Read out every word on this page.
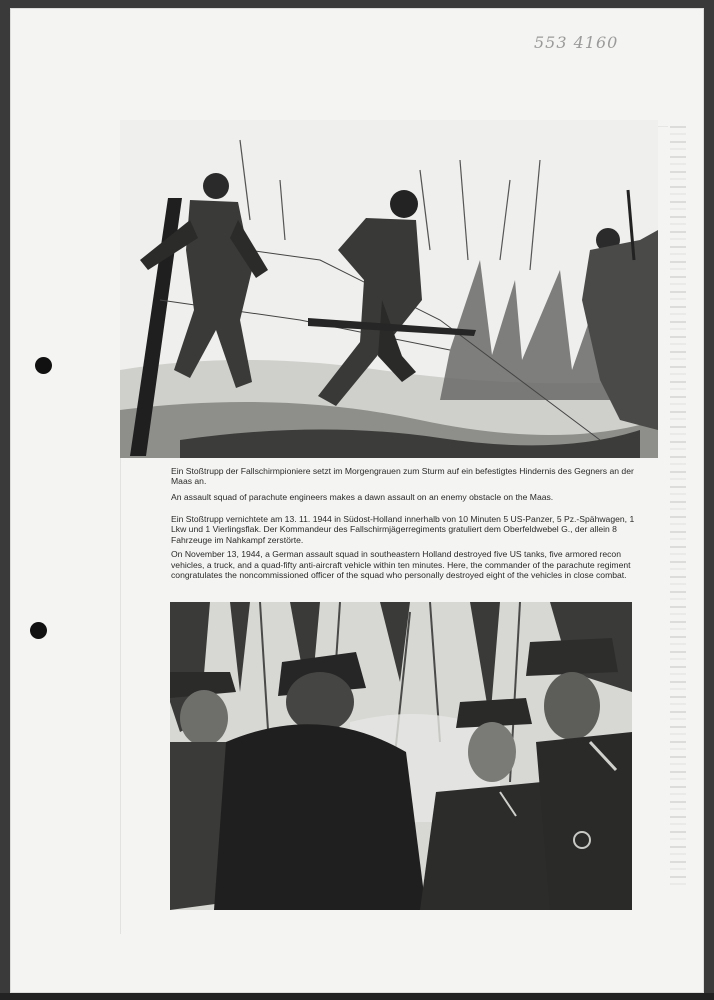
553 4160

Ein Stoßtrupp der Fallschirmpioniere setzt im Morgengrauen zum Sturm auf ein befestigtes Hindernis des Gegners an der Maas an.

An assault squad of parachute engineers makes a dawn assault on an enemy obstacle on the Maas.

Ein Stoßtrupp vernichtete am 13. 11. 1944 in Südost-Holland innerhalb von 10 Minuten 5 US-Panzer, 5 Pz.-Spähwagen, 1 Lkw und 1 Vierlingsflak. Der Kommandeur des Fallschirmjägerregiments gratuliert dem Oberfeldwebel G., der allein 8 Fahrzeuge im Nahkampf zerstörte.

On November 13, 1944, a German assault squad in southeastern Holland destroyed five US tanks, five armored recon vehicles, a truck, and a quad-fifty anti-aircraft vehicle within ten minutes. Here, the commander of the parachute regiment congratulates the noncommissioned officer of the squad who personally destroyed eight of the vehicles in close combat.
